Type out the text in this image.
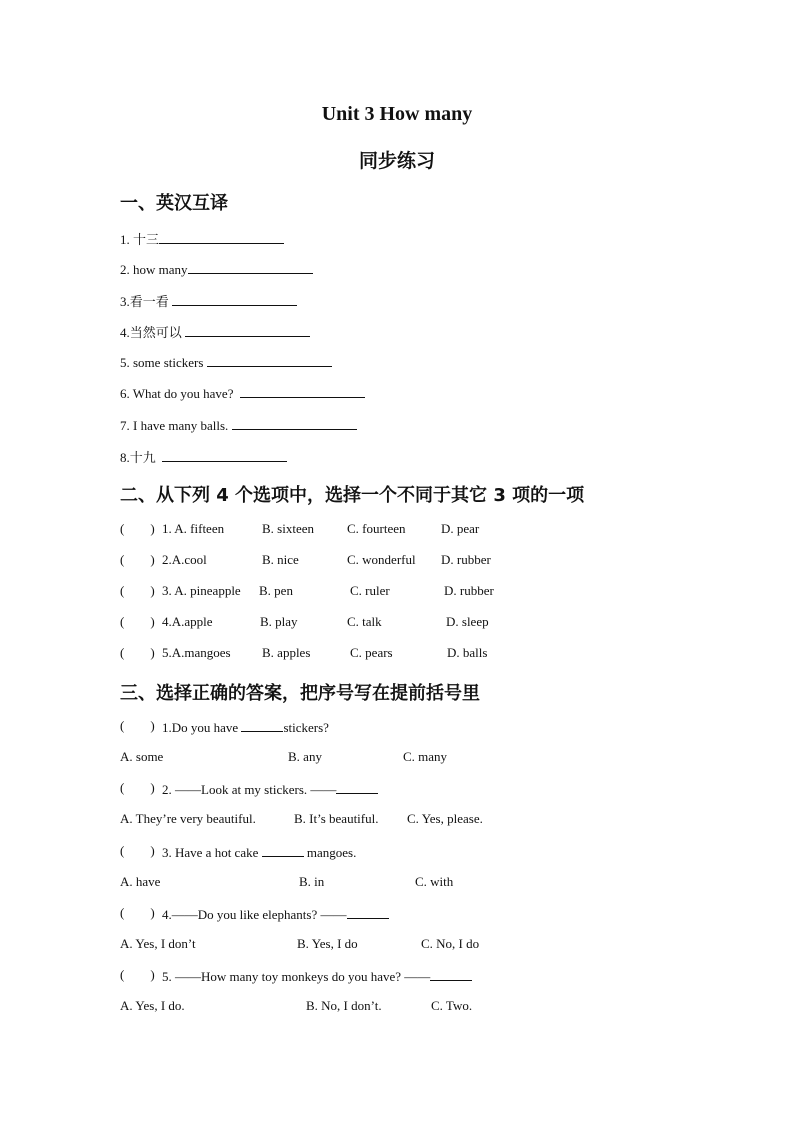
Unit 3 How many
同步练习
一、英汉互译
1. 十三
2. how many
3.看一看
4.当然可以
5. some stickers
6. What do you have?
7. I have many balls.
8.十九
二、从下列 4 个选项中，选择一个不同于其它 3 项的一项
(        ) 1. A. fifteen	B. sixteen	C. fourteen	D. pear
(        ) 2.A.cool	B. nice	C. wonderful D. rubber
(        ) 3. A. pineapple B. pen	C. ruler	D. rubber
(        ) 4.A.apple	B. play	C. talk	D. sleep
(        ) 5.A.mangoes B. apples	C. pears	D. balls
三、选择正确的答案，把序号写在提前括号里
(        ) 1.Do you have	stickers?
A. some	B. any	C. many
(        ) 2. ——Look at my stickers. ——
A. They’re very beautiful.	B. It’s beautiful. C. Yes, please.
(        ) 3. Have a hot cake	mangoes.
A. have	B. in	C. with
(        ) 4.——Do you like elephants? ——
A. Yes, I don’t	B. Yes, I do	C. No, I do
(        ) 5. ——How many toy monkeys do you have? ——
A. Yes, I do.	B. No, I don’t.	C. Two.
